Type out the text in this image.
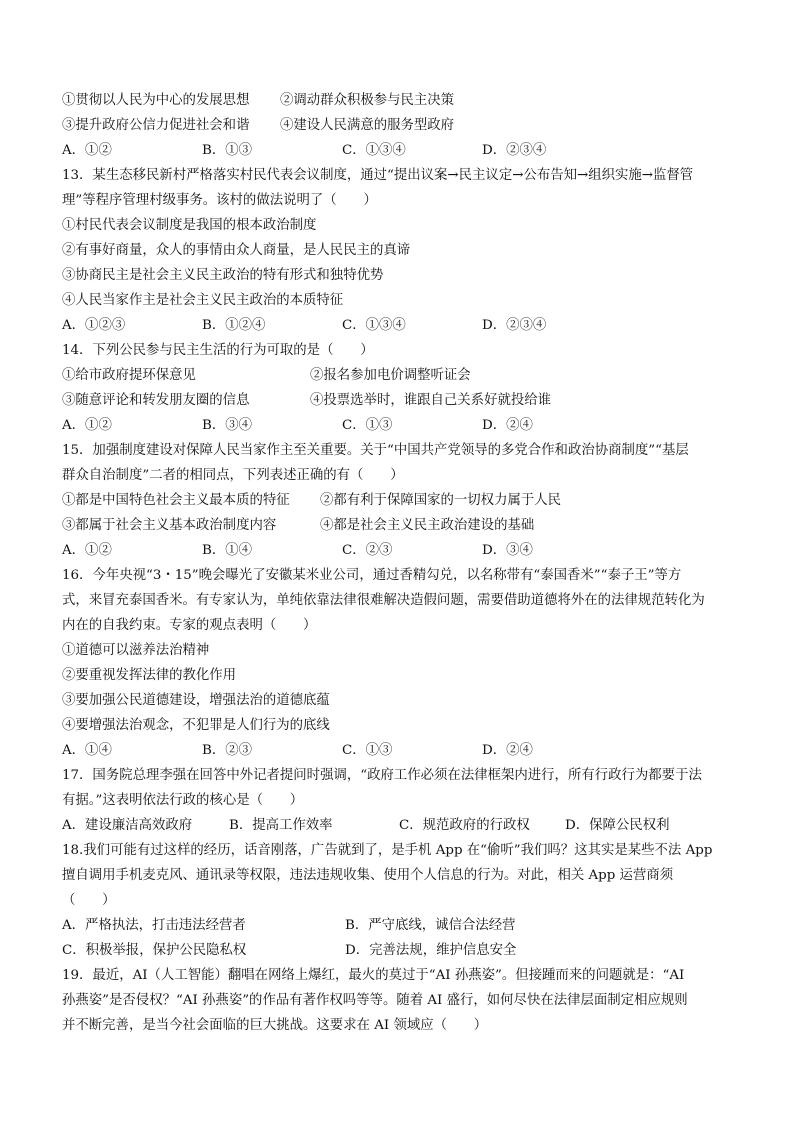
①贯彻以人民为中心的发展思想 ②调动群众积极参与民主决策
③提升政府公信力促进社会和谐 ④建设人民满意的服务型政府
A．①②	B．①③	C．①③④	D．②③④
13．某生态移民新村严格落实村民代表会议制度，通过“提出议案→民主议定→公布告知→组织实施→监督管
理”等程序管理村级事务。该村的做法说明了（　　）
①村民代表会议制度是我国的根本政治制度
②有事好商量，众人的事情由众人商量，是人民民主的真谛
③协商民主是社会主义民主政治的特有形式和独特优势
④人民当家作主是社会主义民主政治的本质特征
A．①②③	B．①②④	C．①③④	D．②③④
14．下列公民参与民主生活的行为可取的是（　　）
①给市政府提环保意见	②报名参加电价调整听证会
③随意评论和转发朋友圈的信息	④投票选举时，谁跟自己关系好就投给谁
A．①②	B．③④	C．①③	D．②④
15．加强制度建设对保障人民当家作主至关重要。关于“中国共产党领导的多党合作和政治协商制度”“基层
群众自治制度”二者的相同点，下列表述正确的有（　　）
①都是中国特色社会主义最本质的特征 ②都有利于保障国家的一切权力属于人民
③都属于社会主义基本政治制度内容	④都是社会主义民主政治建设的基础
A．①②	B．①④	C．②③	D．③④
16．今年央视“3・15”晚会曝光了安徽某米业公司，通过香精勾兑，以名称带有“泰国香米”“泰子王”等方
式，来冒充泰国香米。有专家认为，单纯依靠法律很难解决造假问题，需要借助道德将外在的法律规范转化为
内在的自我约束。专家的观点表明（　　）
①道德可以滋养法治精神
②要重视发挥法律的教化作用
③要加强公民道德建设，增强法治的道德底蕴
④要增强法治观念，不犯罪是人们行为的底线
A．①④	B．②③	C．①③	D．②④
17．国务院总理李强在回答中外记者提问时强调，“政府工作必须在法律框架内进行，所有行政行为都要于法
有据。”这表明依法行政的核心是（　　）
A．建设廉洁高效政府	B．提高工作效率	C．规范政府的行政权	D．保障公民权利
18.我们可能有过这样的经历，话音刚落，广告就到了，是手机 App 在“偷听”我们吗？这其实是某些不法 App
擅自调用手机麦克风、通讯录等权限，违法违规收集、使用个人信息的行为。对此，相关 App 运营商须
（　　）
A．严格执法，打击违法经营者	B．严守底线，诚信合法经营
C．积极举报，保护公民隐私权	D．完善法规，维护信息安全
19．最近，AI（人工智能）翻唱在网络上爆红，最火的莫过于“AI 孙燕姿”。但接踵而来的问题就是：“AI
孙燕姿”是否侵权？“AI 孙燕姿”的作品有著作权吗等等。随着 AI 盛行，如何尽快在法律层面制定相应规则
并不断完善，是当今社会面临的巨大挑战。这要求在 AI 领域应（　　）
